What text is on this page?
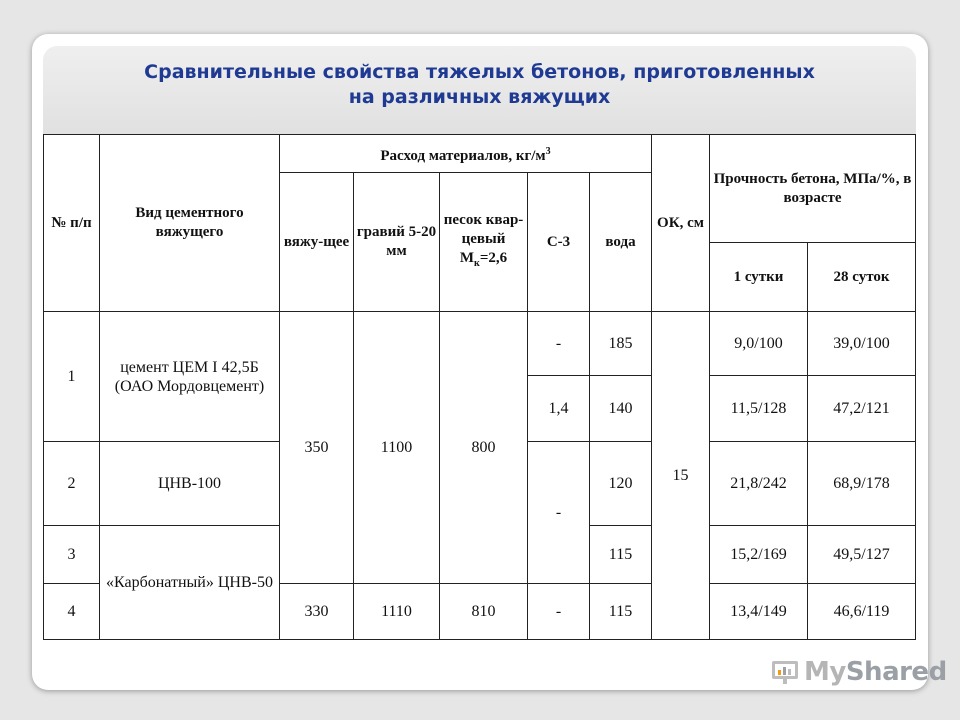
Сравнительные свойства тяжелых бетонов, приготовленных
на различных вяжущих
№ п/п	Вид цементного вяжущего	Расход материалов, $кг/м^3$					ОК, см	Прочность бетона, МПа/%, в возрасте	
		вяжу-щее	гравий 5-20 мм	песок квар-цевый $М_к=2,6$	С-3	вода			
								1 сутки	28 суток
1	цемент ЦЕМ I 42,5Б (ОАО Мордовцемент)	350	1100	800	-	185	15	9,0/100	39,0/100
					1,4	140		11,5/128	47,2/121
2	ЦНВ-100				-	120		21,8/242	68,9/178
3	«Карбонатный» ЦНВ-50					115		15,2/169	49,5/127
4		330	1110	810	-	115		13,4/149	46,6/119
MyShared
